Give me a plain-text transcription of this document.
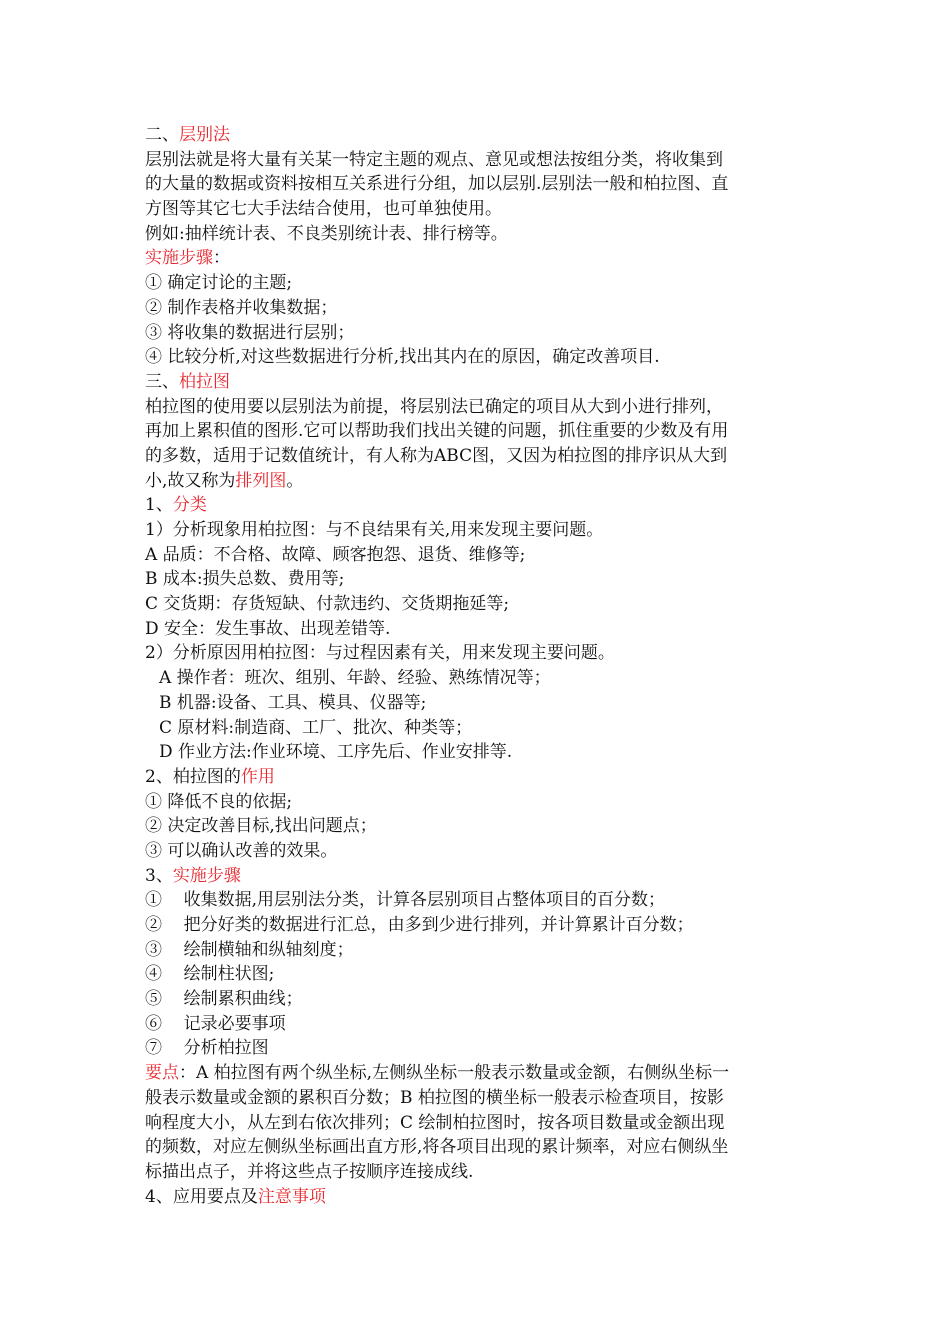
二、层别法
层别法就是将大量有关某一特定主题的观点、意见或想法按组分类，将收集到
的大量的数据或资料按相互关系进行分组，加以层别.层别法一般和柏拉图、直
方图等其它七大手法结合使用，也可单独使用。
例如:抽样统计表、不良类别统计表、排行榜等。
实施步骤：
① 确定讨论的主题;
② 制作表格并收集数据；
③ 将收集的数据进行层别；
④ 比较分析,对这些数据进行分析,找出其内在的原因，确定改善项目.
三、柏拉图
柏拉图的使用要以层别法为前提，将层别法已确定的项目从大到小进行排列，
再加上累积值的图形.它可以帮助我们找出关键的问题，抓住重要的少数及有用
的多数，适用于记数值统计，有人称为ABC图，又因为柏拉图的排序识从大到
小,故又称为排列图。
1、分类
1）分析现象用柏拉图：与不良结果有关,用来发现主要问题。
A 品质：不合格、故障、顾客抱怨、退货、维修等;
B 成本:损失总数、费用等;
C 交货期：存货短缺、付款违约、交货期拖延等;
D 安全：发生事故、出现差错等.
2）分析原因用柏拉图：与过程因素有关，用来发现主要问题。
A 操作者：班次、组别、年龄、经验、熟练情况等；
B 机器:设备、工具、模具、仪器等;
C 原材料:制造商、工厂、批次、种类等；
D 作业方法:作业环境、工序先后、作业安排等.
2、柏拉图的作用
① 降低不良的依据;
② 决定改善目标,找出问题点；
③ 可以确认改善的效果。
3、实施步骤
①    收集数据,用层别法分类，计算各层别项目占整体项目的百分数；
②    把分好类的数据进行汇总，由多到少进行排列，并计算累计百分数；
③    绘制横轴和纵轴刻度；
④    绘制柱状图;
⑤    绘制累积曲线；
⑥    记录必要事项
⑦    分析柏拉图
要点：A 柏拉图有两个纵坐标,左侧纵坐标一般表示数量或金额，右侧纵坐标一
般表示数量或金额的累积百分数；B 柏拉图的横坐标一般表示检查项目，按影
响程度大小，从左到右依次排列；C 绘制柏拉图时，按各项目数量或金额出现
的频数，对应左侧纵坐标画出直方形,将各项目出现的累计频率，对应右侧纵坐
标描出点子，并将这些点子按顺序连接成线.
4、应用要点及注意事项
